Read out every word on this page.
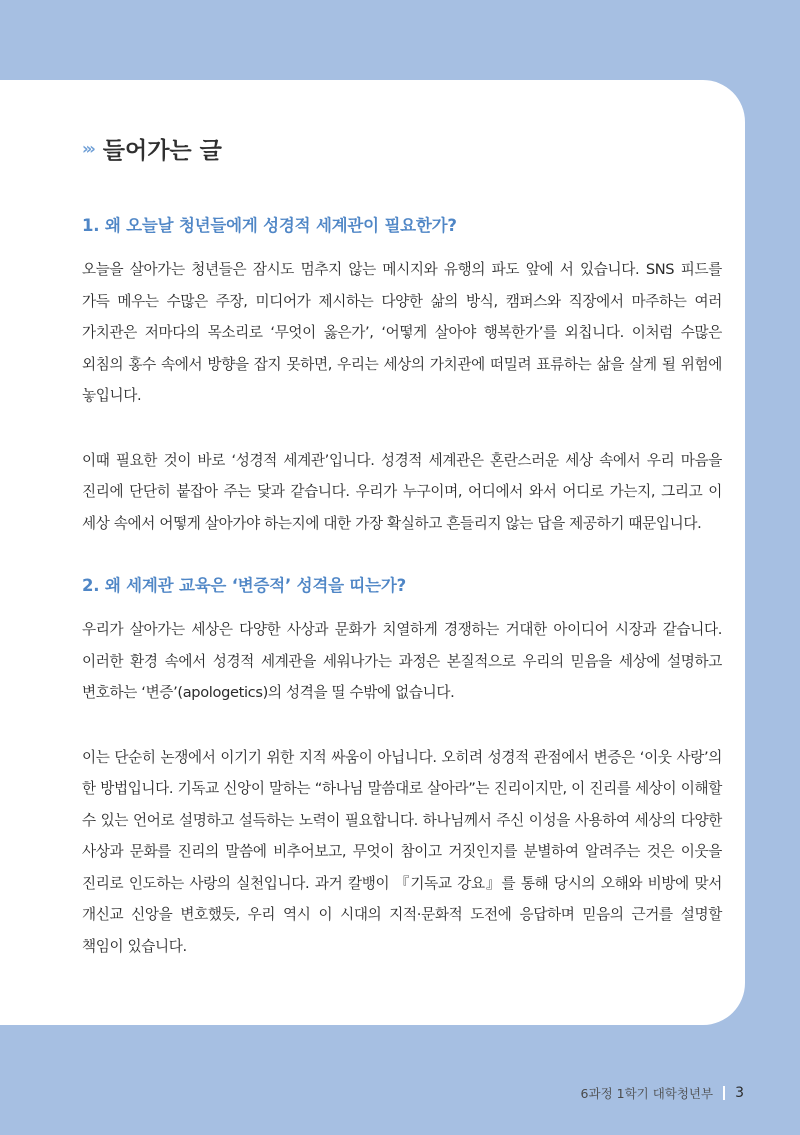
››› 들어가는 글
1. 왜 오늘날 청년들에게 성경적 세계관이 필요한가?

오늘을 살아가는 청년들은 잠시도 멈추지 않는 메시지와 유행의 파도 앞에 서 있습니다. SNS 피드를 가득 메우는 수많은 주장, 미디어가 제시하는 다양한 삶의 방식, 캠퍼스와 직장에서 마주하는 여러 가치관은 저마다의 목소리로 ‘무엇이 옳은가’, ‘어떻게 살아야 행복한가’를 외칩니다. 이처럼 수많은 외침의 홍수 속에서 방향을 잡지 못하면, 우리는 세상의 가치관에 떠밀려 표류하는 삶을 살게 될 위험에 놓입니다.

이때 필요한 것이 바로 ‘성경적 세계관’입니다. 성경적 세계관은 혼란스러운 세상 속에서 우리 마음을 진리에 단단히 붙잡아 주는 닻과 같습니다. 우리가 누구이며, 어디에서 와서 어디로 가는지, 그리고 이 세상 속에서 어떻게 살아가야 하는지에 대한 가장 확실하고 흔들리지 않는 답을 제공하기 때문입니다.

2. 왜 세계관 교육은 ‘변증적’ 성격을 띠는가?

우리가 살아가는 세상은 다양한 사상과 문화가 치열하게 경쟁하는 거대한 아이디어 시장과 같습니다. 이러한 환경 속에서 성경적 세계관을 세워나가는 과정은 본질적으로 우리의 믿음을 세상에 설명하고 변호하는 ‘변증’(apologetics)의 성격을 띨 수밖에 없습니다.

이는 단순히 논쟁에서 이기기 위한 지적 싸움이 아닙니다. 오히려 성경적 관점에서 변증은 ‘이웃 사랑’의 한 방법입니다. 기독교 신앙이 말하는 “하나님 말씀대로 살아라”는 진리이지만, 이 진리를 세상이 이해할 수 있는 언어로 설명하고 설득하는 노력이 필요합니다. 하나님께서 주신 이성을 사용하여 세상의 다양한 사상과 문화를 진리의 말씀에 비추어보고, 무엇이 참이고 거짓인지를 분별하여 알려주는 것은 이웃을 진리로 인도하는 사랑의 실천입니다. 과거 칼뱅이 『기독교 강요』를 통해 당시의 오해와 비방에 맞서 개신교 신앙을 변호했듯, 우리 역시 이 시대의 지적·문화적 도전에 응답하며 믿음의 근거를 설명할 책임이 있습니다.

6과정 1학기 대학청년부 3
